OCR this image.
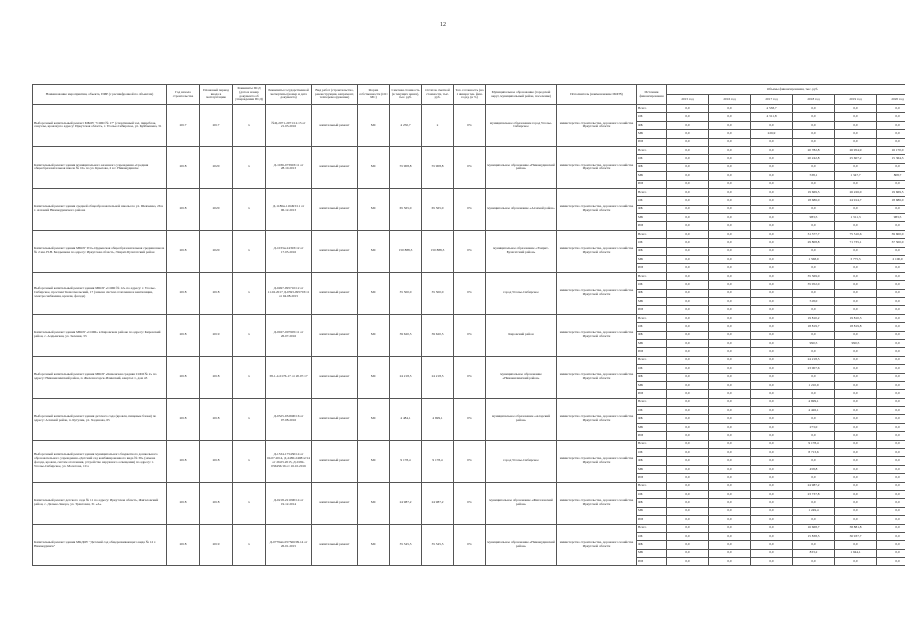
12
Наименование мероприятия, объекта, ПИР (с расшифровкой по объектам)	Год начала строительства	Плановый период ввода в эксплуатацию	Реквизиты ПСД (дата и номер документа об утверждении ПСД)	Реквизиты государственной экспертизы (номер и дата документа)	Вид работ (строительство, реконструкция, капремонт, техперевооружение)	Форма собственности (ОС/МС)	Сметная стоимость (в текущих ценах), тыс. руб.	Остаток сметной стоимости, тыс. руб.	Тех. готовность (на 1 января тек. фин. года), (в %)	Муниципальное образование (городской округ, муниципальный район, поселение)	Исполнитель (наименование ИОГВ)	Источник финансирования	Объемы финансирования, тыс. руб.					
													2015 год	2016 год	2017 год	2018 год	2019 год	2020 год
Выборочный капитальный ремонт МБОУ "СОШ № 17" (спортивный зал, пищеблок, санузлы, кровля) по адресу: Иркутская область, г. Усолье-Сибирское, ул. Куйбышева, 31	2017	2017	x	№Ц-2071-2071/12.15 от 21.03.2016	капитальный ремонт	МС	4 250,7	x	0%	муниципальное образование город Усолье-Сибирское	министерство строительства, дорожного хозяйства Иркутской области	Всего	0,0	0,0	4 538,7	0,0	0,0	0,0
												ОБ	0,0	0,0	4 311,8	0,0	0,0	0,0
												ФБ	0,0	0,0	0,0	0,0	0,0	0,0
												МБ	0,0	0,0	226,9	0,0	0,0	0,0
												ИИ	0,0	0,0	0,0	0,0	0,0	0,0
Капитальный ремонт здания муниципального казенного учреждения «Средняя общеобразовательная школа № 10» по ул. Крылова, 2 в г. Нижнеудинске	2018	2020	x	Д-1036-073903/11 от 28.10.2013	капитальный ремонт	МС	55 908,8	55 908,8	0%	муниципальное образование «Нижнеудинский район»	министерство строительства, дорожного хозяйства Иркутской области	Всего	0,0	0,0	0,0	20 782,8	26 954,9	16 170,0
												ОБ	0,0	0,0	0,0	20 242,8	25 607,2	15 364,3
												ФБ	0,0	0,0	0,0	0,0	0,0	0,0
												МБ	0,0	0,0	0,0	538,1	1 347,7	808,7
												ИИ	0,0	0,0	0,0	0,0	0,0	0,0
Капитальный ремонт здания средней общеобразовательной школы по ул. Шевченко, 26 в г. Алзамай Нижнеудинского района	2018	2020	x	Д-1186н-116493/11 от 06.12.2013	капитальный ремонт	МС	65 565,0	65 565,0	0%	муниципальное образование «Алзамай район»	министерство строительства, дорожного хозяйства Иркутской области	Всего	0,0	0,0	0,0	19 669,5	26 226,0	19 669,5
												ОБ	0,0	0,0	0,0	18 686,0	24 914,7	18 686,0
												ФБ	0,0	0,0	0,0	0,0	0,0	0,0
												МБ	0,0	0,0	0,0	983,5	1 311,3	983,5
												ИИ	0,0	0,0	0,0	0,0	0,0	0,0
Капитальный ремонт здания МБОУ Усть-Ордынская общеобразовательная средняя школа № 2 им. Н.Н. Балдышева по адресу: Иркутская область, Эхирит-Булагатский район	2018	2020	x	Д-1033н-24393/12 от 17.05.2016	капитальный ремонт	МС	150 888,3	150 888,3	0%	муниципальное образование «Эхирит-Булагатский район»	министерство строительства, дорожного хозяйства Иркутской области	Всего	0,0	0,0	0,0	31 377,7	75 510,6	39 600,0
												ОБ	0,0	0,0	0,0	29 808,8	71 735,1	37 500,0
												ФБ	0,0	0,0	0,0	0,0	0,0	0,0
												МБ	0,0	0,0	0,0	1 568,9	3 775,5	2 100,0
												ИИ	0,0	0,0	0,0	0,0	0,0	0,0
Выборочный капитальный ремонт здания МБОУ «СОШ № 12» по адресу: г. Усолье-Сибирское, проспект Комсомольский, 17 (замена систем отопления и вентиляции, электроснабжения, кровли, фасада)	2018	2018	x	Д-0497-095710/12 от 11.02.2017 Д-0393-095703/11 от 04.08.2015	капитальный ремонт	МС	35 500,0	35 500,0	0%	город Усолье-Сибирское	министерство строительства, дорожного хозяйства Иркутской области	Всего	0,0	0,0	0,0	35 569,0	0,0	0,0
												ОБ	0,0	0,0	0,0	35 052,0	0,0	0,0
												ФБ	0,0	0,0	0,0	0,0	0,0	0,0
												МБ	0,0	0,0	0,0	518,0	0,0	0,0
												ИИ	0,0	0,0	0,0	0,0	0,0	0,0
Капитальный ремонт здания МБОУ «СОШ» в Кировском районе по адресу: Кировский район, с. Алдынская, ул. Зеленая, 33	2018	2019	x	Д-0027-007905/11 от 26.07.2016	капитальный ремонт	МС	39 620,5	39 620,5	0%	Кировский район	министерство строительства, дорожного хозяйства Иркутской области	Всего	0,0	0,0	0,0	19 810,2	19 810,3	0,0
												ОБ	0,0	0,0	0,0	18 819,7	18 819,8	0,0
												ФБ	0,0	0,0	0,0	0,0	0,0	0,0
												МБ	0,0	0,0	0,0	990,5	990,5	0,0
												ИИ	0,0	0,0	0,0	0,0	0,0	0,0
Выборочный капитальный ремонт здания МБОУ «Каменская средняя СОШ № 2» по адресу: Нижнеилимский район, п. Железногорск-Илимский, квартал 1, дом 43	2018	2018	x	38-1-4-0176-17 от 20.07.17	капитальный ремонт	МС	24 218,5	24 218,5	0%	муниципальное образование «Нижнеилимский район»	министерство строительства, дорожного хозяйства Иркутской области	Всего	0,0	0,0	0,0	24 218,5	0,0	0,0
												ОБ	0,0	0,0	0,0	23 007,6	0,0	0,0
												ФБ	0,0	0,0	0,0	0,0	0,0	0,0
												МБ	0,0	0,0	0,0	1 210,9	0,0	0,0
												ИИ	0,0	0,0	0,0	0,0	0,0	0,0
Выборочный капитальный ремонт здания детского сада (кровля, пищевые блоки) по адресу: Алзамай район, п. Кутулик, ул. Хаданова, 65	2018	2018	x	Д-0325-032690/16 от 07.08.2016	капитальный ремонт	МС	4 484,1	4 699,1	0%	муниципальное образование «Аларский район»	министерство строительства, дорожного хозяйства Иркутской области	Всего	0,0	0,0	0,0	4 699,1	0,0	0,0
												ОБ	0,0	0,0	0,0	4 426,1	0,0	0,0
												ФБ	0,0	0,0	0,0	0,0	0,0	0,0
												МБ	0,0	0,0	0,0	273,0	0,0	0,0
												ИИ	0,0	0,0	0,0	0,0	0,0	0,0
Выборочный капитальный ремонт здания муниципального бюджетного дошкольного образовательного учреждения «Детский сад комбинированного вида № 39» (замена фасада, кровли, систем отопления, устройство наружного освещения) по адресу: г. Усолье-Сибирское, ул. Молотова, 10 а	2018	2018	x	Д-1534-175430/14 от 04.07.2014, Д-2480-240812/14 от 26.05.2015, Д-0184-036456/16 от 16.10.2016	капитальный ремонт	МС	9 178,4	9 178,4	0%	город Усолье-Сибирское	министерство строительства, дорожного хозяйства Иркутской области	Всего	0,0	0,0	0,0	9 178,4	0,0	0,0
												ОБ	0,0	0,0	0,0	8 713,6	0,0	0,0
												ФБ	0,0	0,0	0,0	0,0	0,0	0,0
												МБ	0,0	0,0	0,0	458,8	0,0	0,0
												ИИ	0,0	0,0	0,0	0,0	0,0	0,0
Капитальный ремонт детского сада № 11 по адресу: Иркутская область, Жигаловский район, с. Дальне-Закора, ул. Трактовая, 31 «А»	2018	2018	x	Д-0218-221090/14 от 19.12.2014	капитальный ремонт	МС	24 987,2	24 987,2	0%	муниципальное образование «Жигаловский район»	министерство строительства, дорожного хозяйства Иркутской области	Всего	0,0	0,0	0,0	24 987,2	0,0	0,0
												ОБ	0,0	0,0	0,0	23 737,8	0,0	0,0
												ФБ	0,0	0,0	0,0	0,0	0,0	0,0
												МБ	0,0	0,0	0,0	1 249,4	0,0	0,0
												ИИ	0,0	0,0	0,0	0,0	0,0	0,0
Капитальный ремонт здания МКДОУ "Детский сад общеразвивающего вида № 12 г. Нижнеудинск"	2018	2019	x	Д-0779нп-057560/09.14 от 26.01.2015	капитальный ремонт	МС	35 345,5	35 345,5	0%	муниципальное образование «Нижнеудинский район»	министерство строительства, дорожного хозяйства Иркутской области	Всего	0,0	0,0	0,0	16 668,7	38 881,8	0,0
												ОБ	0,0	0,0	0,0	15 838,5	36 937,7	0,0
												ФБ	0,0	0,0	0,0	0,0	0,0	0,0
												МБ	0,0	0,0	0,0	833,2	1 944,1	0,0
												ИИ	0,0	0,0	0,0	0,0	0,0	0,0
